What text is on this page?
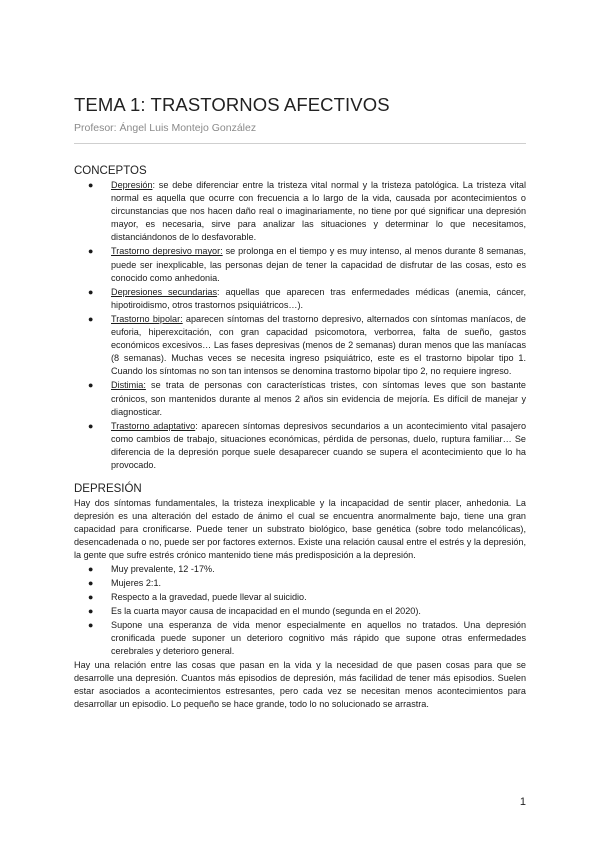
TEMA 1: TRASTORNOS AFECTIVOS
Profesor: Ángel Luis Montejo González
CONCEPTOS
● Depresión: se debe diferenciar entre la tristeza vital normal y la tristeza patológica. La tristeza vital normal es aquella que ocurre con frecuencia a lo largo de la vida, causada por acontecimientos o circunstancias que nos hacen daño real o imaginariamente, no tiene por qué significar una depresión mayor, es necesaria, sirve para analizar las situaciones y determinar lo que necesitamos, distanciándonos de lo desfavorable.
● Trastorno depresivo mayor: se prolonga en el tiempo y es muy intenso, al menos durante 8 semanas, puede ser inexplicable, las personas dejan de tener la capacidad de disfrutar de las cosas, esto es conocido como anhedonia.
● Depresiones secundarias: aquellas que aparecen tras enfermedades médicas (anemia, cáncer, hipotiroidismo, otros trastornos psiquiátricos…).
● Trastorno bipolar: aparecen síntomas del trastorno depresivo, alternados con síntomas maníacos, de euforia, hiperexcitación, con gran capacidad psicomotora, verborrea, falta de sueño, gastos económicos excesivos… Las fases depresivas (menos de 2 semanas) duran menos que las maníacas (8 semanas). Muchas veces se necesita ingreso psiquiátrico, este es el trastorno bipolar tipo 1. Cuando los síntomas no son tan intensos se denomina trastorno bipolar tipo 2, no requiere ingreso.
● Distimia: se trata de personas con características tristes, con síntomas leves que son bastante crónicos, son mantenidos durante al menos 2 años sin evidencia de mejoría. Es difícil de manejar y diagnosticar.
● Trastorno adaptativo: aparecen síntomas depresivos secundarios a un acontecimiento vital pasajero como cambios de trabajo, situaciones económicas, pérdida de personas, duelo, ruptura familiar… Se diferencia de la depresión porque suele desaparecer cuando se supera el acontecimiento que lo ha provocado.
DEPRESIÓN

Hay dos síntomas fundamentales, la tristeza inexplicable y la incapacidad de sentir placer, anhedonia. La depresión es una alteración del estado de ánimo el cual se encuentra anormalmente bajo, tiene una gran capacidad para cronificarse. Puede tener un substrato biológico, base genética (sobre todo melancólicas), desencadenada o no, puede ser por factores externos. Existe una relación causal entre el estrés y la depresión, la gente que sufre estrés crónico mantenido tiene más predisposición a la depresión.

● Muy prevalente, 12 -17%.
● Mujeres 2:1.
● Respecto a la gravedad, puede llevar al suicidio.
● Es la cuarta mayor causa de incapacidad en el mundo (segunda en el 2020).
● Supone una esperanza de vida menor especialmente en aquellos no tratados. Una depresión cronificada puede suponer un deterioro cognitivo más rápido que supone otras enfermedades cerebrales y deterioro general.

Hay una relación entre las cosas que pasan en la vida y la necesidad de que pasen cosas para que se desarrolle una depresión. Cuantos más episodios de depresión, más facilidad de tener más episodios. Suelen estar asociados a acontecimientos estresantes, pero cada vez se necesitan menos acontecimientos para desarrollar un episodio. Lo pequeño se hace grande, todo lo no solucionado se arrastra.

1
